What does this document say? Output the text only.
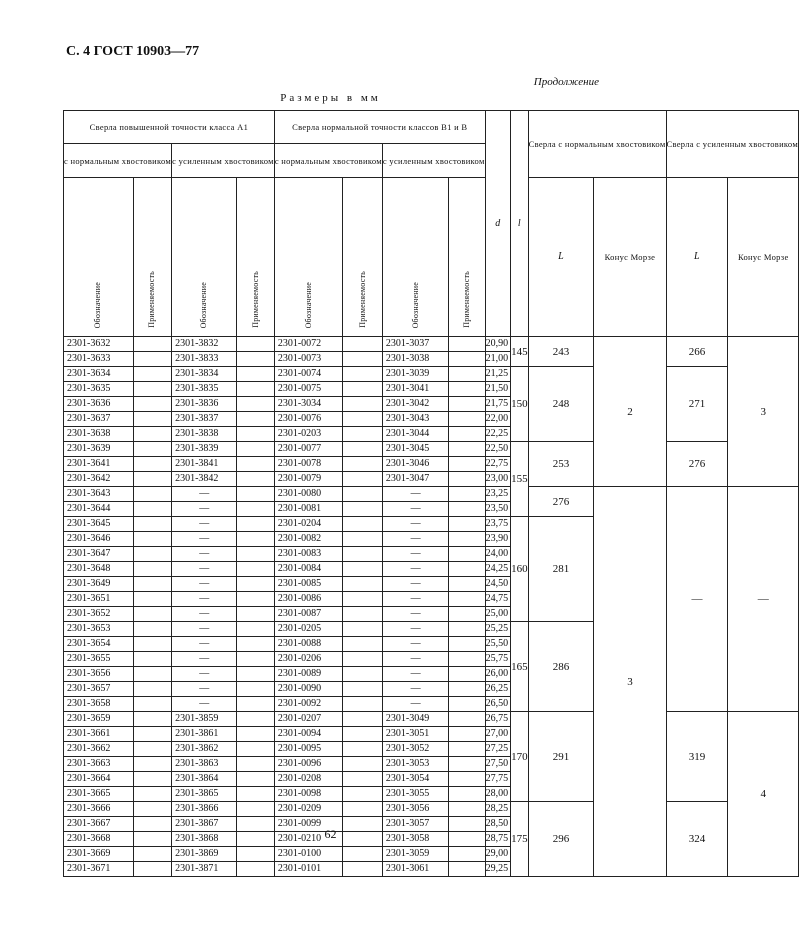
С. 4 ГОСТ 10903—77
Продолжение
Размеры в мм
Сверла повышенной точности класса А1				Сверла нормальной точности классов В1 и В				d	l	Сверла с нормальным хвостовиком		Сверла с усиленным хвостовиком	
с нормальным хвостовиком		с усиленным хвостовиком		с нормальным хвостовиком		с усиленным хвостовиком							
Обозначение	Применяемость	Обозначение	Применяемость	Обозначение	Применяемость	Обозначение	Применяемость			L	Конус Морзе	L	Конус Морзе
2301-3632		2301-3832		2301-0072		2301-3037		20,90	145	243	2	266	3
2301-3633		2301-3833		2301-0073		2301-3038		21,00					
2301-3634		2301-3834		2301-0074		2301-3039		21,25	150	248		271	
2301-3635		2301-3835		2301-0075		2301-3041		21,50					
2301-3636		2301-3836		2301-3034		2301-3042		21,75					
2301-3637		2301-3837		2301-0076		2301-3043		22,00					
2301-3638		2301-3838		2301-0203		2301-3044		22,25					
2301-3639		2301-3839		2301-0077		2301-3045		22,50	155	253		276	
2301-3641		2301-3841		2301-0078		2301-3046		22,75					
2301-3642		2301-3842		2301-0079		2301-3047		23,00					
2301-3643		—		2301-0080		—		23,25		276	3	—	—
2301-3644		—		2301-0081		—		23,50					
2301-3645		—		2301-0204		—		23,75	160	281			
2301-3646		—		2301-0082		—		23,90					
2301-3647		—		2301-0083		—		24,00					
2301-3648		—		2301-0084		—		24,25					
2301-3649		—		2301-0085		—		24,50					
2301-3651		—		2301-0086		—		24,75					
2301-3652		—		2301-0087		—		25,00					
2301-3653		—		2301-0205		—		25,25	165	286			
2301-3654		—		2301-0088		—		25,50					
2301-3655		—		2301-0206		—		25,75					
2301-3656		—		2301-0089		—		26,00					
2301-3657		—		2301-0090		—		26,25					
2301-3658		—		2301-0092		—		26,50					
2301-3659		2301-3859		2301-0207		2301-3049		26,75	170	291		319	4
2301-3661		2301-3861		2301-0094		2301-3051		27,00					
2301-3662		2301-3862		2301-0095		2301-3052		27,25					
2301-3663		2301-3863		2301-0096		2301-3053		27,50					
2301-3664		2301-3864		2301-0208		2301-3054		27,75					
2301-3665		2301-3865		2301-0098		2301-3055		28,00					
2301-3666		2301-3866		2301-0209		2301-3056		28,25	175	296		324	
2301-3667		2301-3867		2301-0099		2301-3057		28,50					
2301-3668		2301-3868		2301-0210		2301-3058		28,75					
2301-3669		2301-3869		2301-0100		2301-3059		29,00					
2301-3671		2301-3871		2301-0101		2301-3061		29,25					
62
